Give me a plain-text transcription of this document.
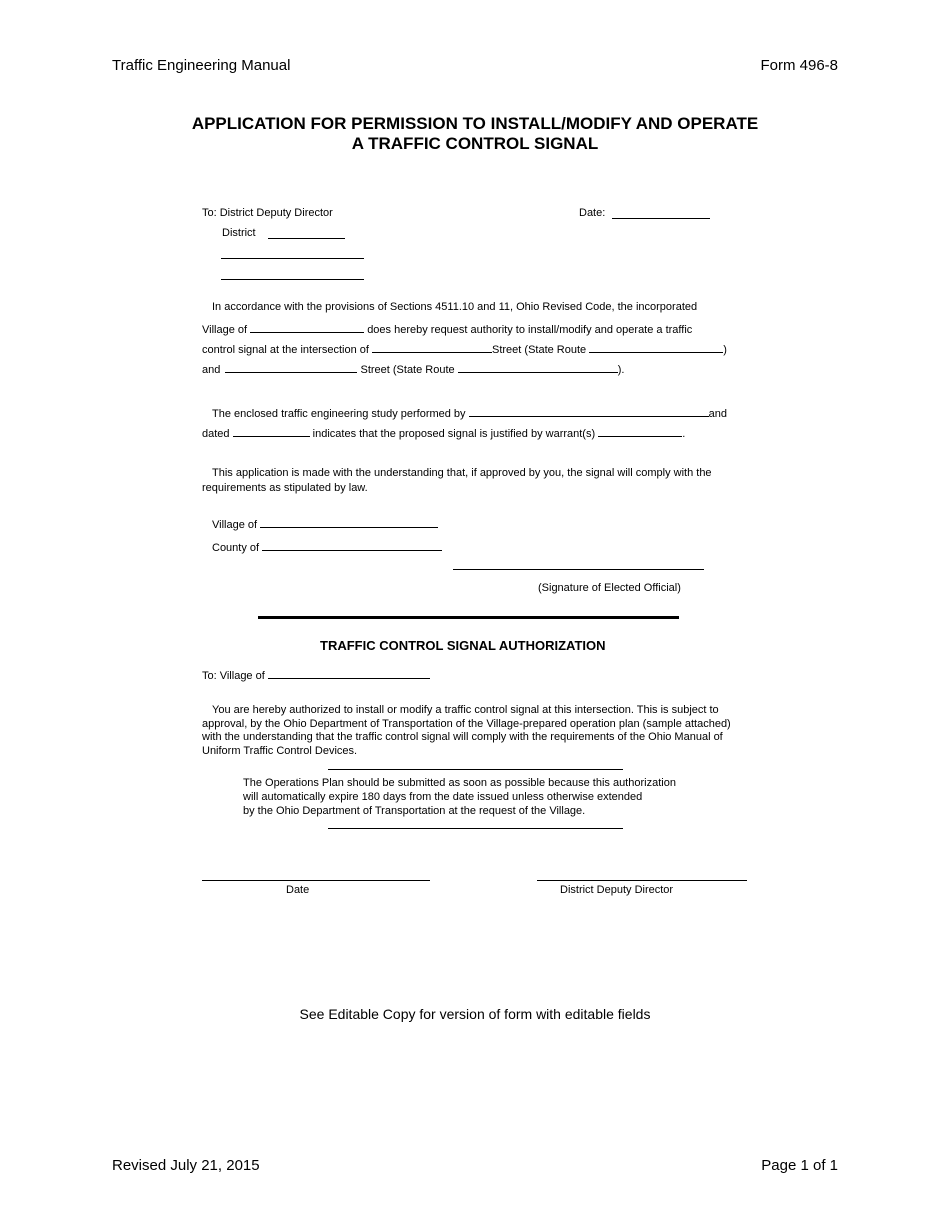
Traffic Engineering Manual	Form 496-8
APPLICATION FOR PERMISSION TO INSTALL/MODIFY AND OPERATE
A TRAFFIC CONTROL SIGNAL
To: District Deputy Director	Date:
District
In accordance with the provisions of Sections 4511.10 and 11, Ohio Revised Code, the incorporated
Village of	does hereby request authority to install/modify and operate a traffic
control signal at the intersection of	Street (State Route	)
and	Street (State Route	).
The enclosed traffic engineering study performed by	and
dated	indicates that the proposed signal is justified by warrant(s)	.
This application is made with the understanding that, if approved by you, the signal will comply with the
requirements as stipulated by law.
Village of
County of
(Signature of Elected Official)
TRAFFIC CONTROL SIGNAL AUTHORIZATION
To: Village of
You are hereby authorized to install or modify a traffic control signal at this intersection. This is subject to
approval, by the Ohio Department of Transportation of the Village-prepared operation plan (sample attached)
with the understanding that the traffic control signal will comply with the requirements of the Ohio Manual of
Uniform Traffic Control Devices.
The Operations Plan should be submitted as soon as possible because this authorization
will automatically expire 180 days from the date issued unless otherwise extended
by the Ohio Department of Transportation at the request of the Village.
Date	District Deputy Director
See Editable Copy for version of form with editable fields
Revised July 21, 2015	Page 1 of 1
